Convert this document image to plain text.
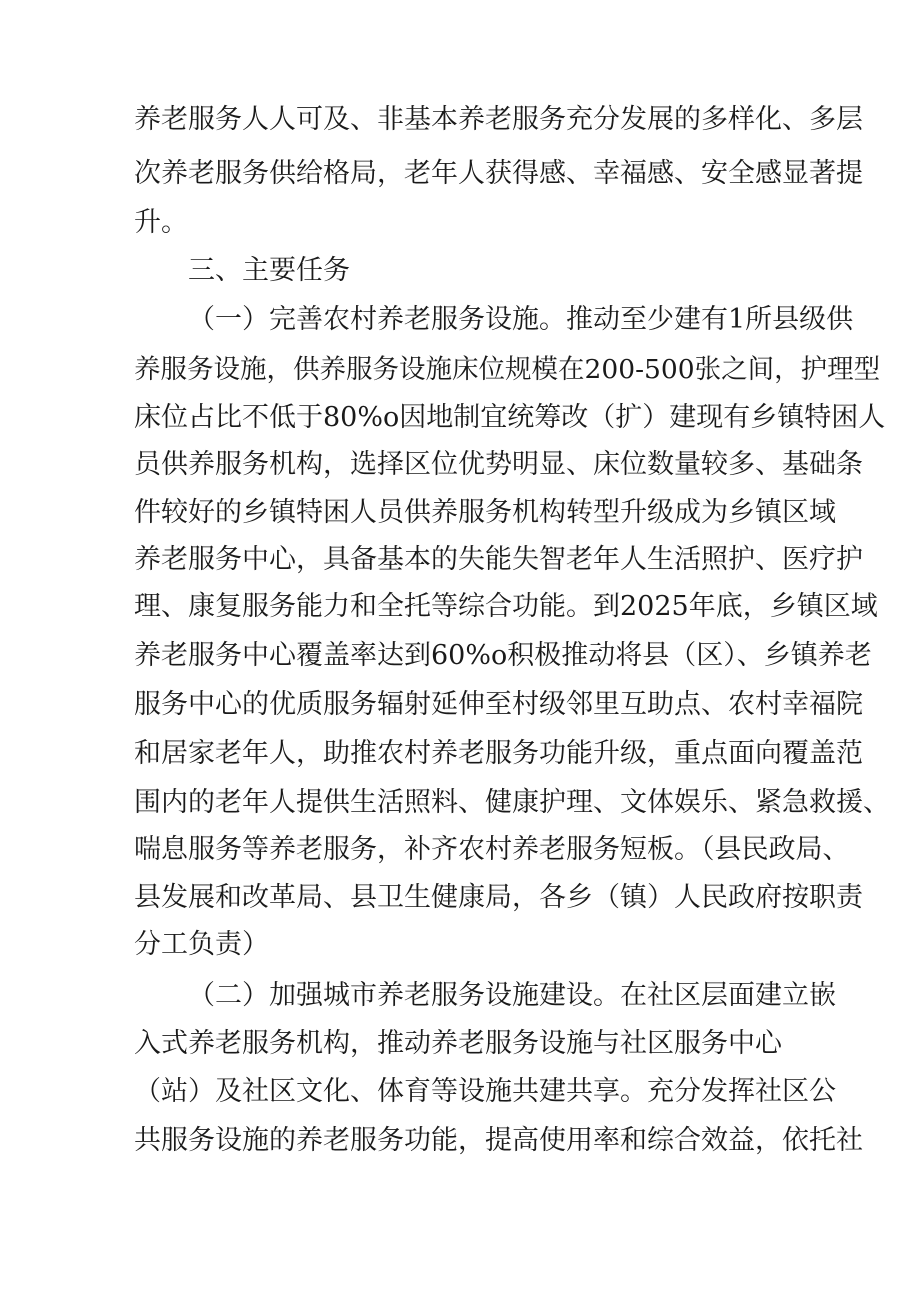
养老服务人人可及、非基本养老服务充分发展的多样化、多层
次养老服务供给格局，老年人获得感、幸福感、安全感显著提
升。
三、主要任务
（一）完善农村养老服务设施。推动至少建有1所县级供
养服务设施，供养服务设施床位规模在200-500张之间，护理型
床位占比不低于80%o因地制宜统筹改（扩）建现有乡镇特困人
员供养服务机构，选择区位优势明显、床位数量较多、基础条
件较好的乡镇特困人员供养服务机构转型升级成为乡镇区域
养老服务中心，具备基本的失能失智老年人生活照护、医疗护
理、康复服务能力和全托等综合功能。到2025年底，乡镇区域
养老服务中心覆盖率达到60%o积极推动将县（区）、乡镇养老
服务中心的优质服务辐射延伸至村级邻里互助点、农村幸福院
和居家老年人，助推农村养老服务功能升级，重点面向覆盖范
围内的老年人提供生活照料、健康护理、文体娱乐、紧急救援、
喘息服务等养老服务，补齐农村养老服务短板。（县民政局、
县发展和改革局、县卫生健康局，各乡（镇）人民政府按职责
分工负责）
（二）加强城市养老服务设施建设。在社区层面建立嵌
入式养老服务机构，推动养老服务设施与社区服务中心
（站）及社区文化、体育等设施共建共享。充分发挥社区公
共服务设施的养老服务功能，提高使用率和综合效益，依托社
